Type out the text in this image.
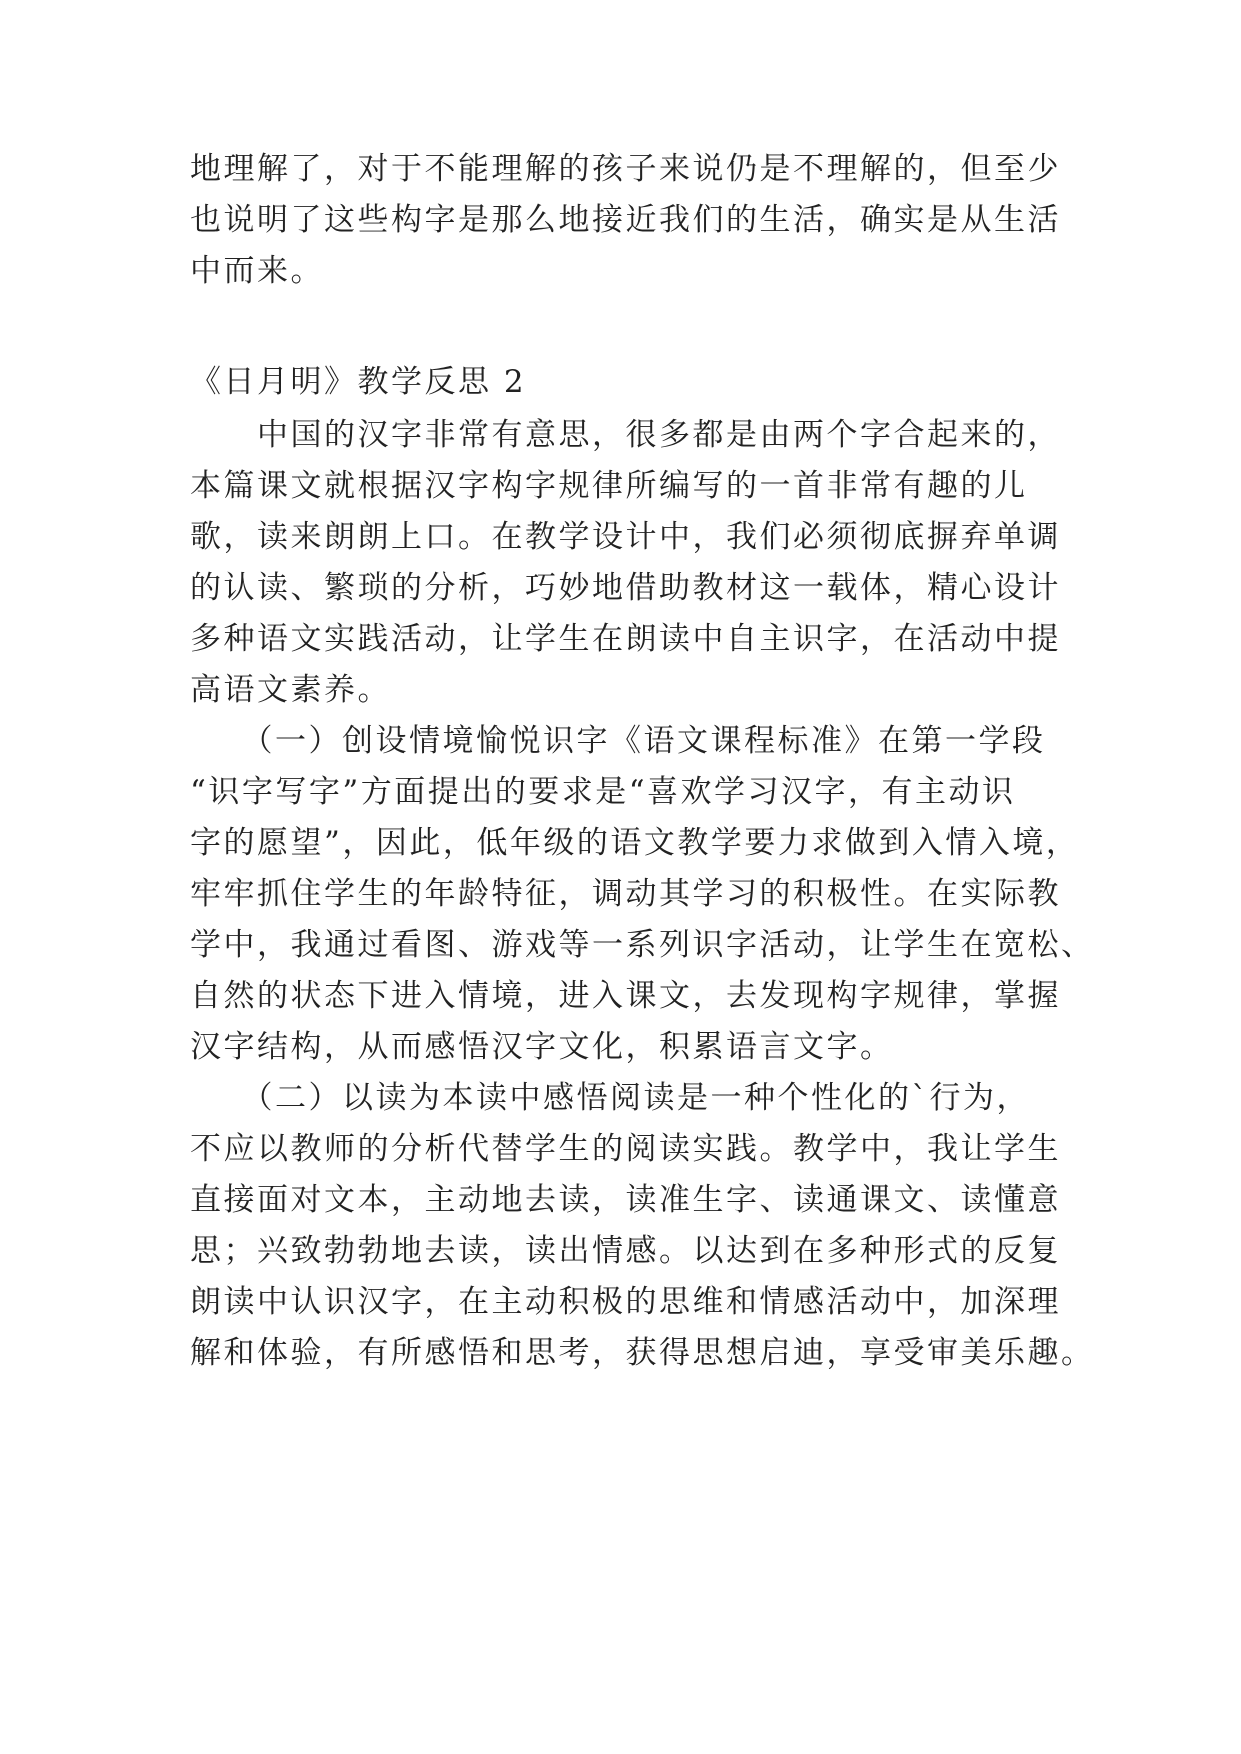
地理解了，对于不能理解的孩子来说仍是不理解的，但至少

也说明了这些构字是那么地接近我们的生活，确实是从生活

中而来。

《日月明》教学反思 2

　　中国的汉字非常有意思，很多都是由两个字合起来的，

本篇课文就根据汉字构字规律所编写的一首非常有趣的儿

歌，读来朗朗上口。在教学设计中，我们必须彻底摒弃单调

的认读、繁琐的分析，巧妙地借助教材这一载体，精心设计

多种语文实践活动，让学生在朗读中自主识字，在活动中提

高语文素养。

　　（一）创设情境愉悦识字《语文课程标准》在第一学段

“识字写字”方面提出的要求是“喜欢学习汉字，有主动识

字的愿望”，因此，低年级的语文教学要力求做到入情入境，

牢牢抓住学生的年龄特征，调动其学习的积极性。在实际教

学中，我通过看图、游戏等一系列识字活动，让学生在宽松、

自然的状态下进入情境，进入课文，去发现构字规律，掌握

汉字结构，从而感悟汉字文化，积累语言文字。

　　（二）以读为本读中感悟阅读是一种个性化的`行为，

不应以教师的分析代替学生的阅读实践。教学中，我让学生

直接面对文本，主动地去读，读准生字、读通课文、读懂意

思；兴致勃勃地去读，读出情感。以达到在多种形式的反复

朗读中认识汉字，在主动积极的思维和情感活动中，加深理

解和体验，有所感悟和思考，获得思想启迪，享受审美乐趣。
